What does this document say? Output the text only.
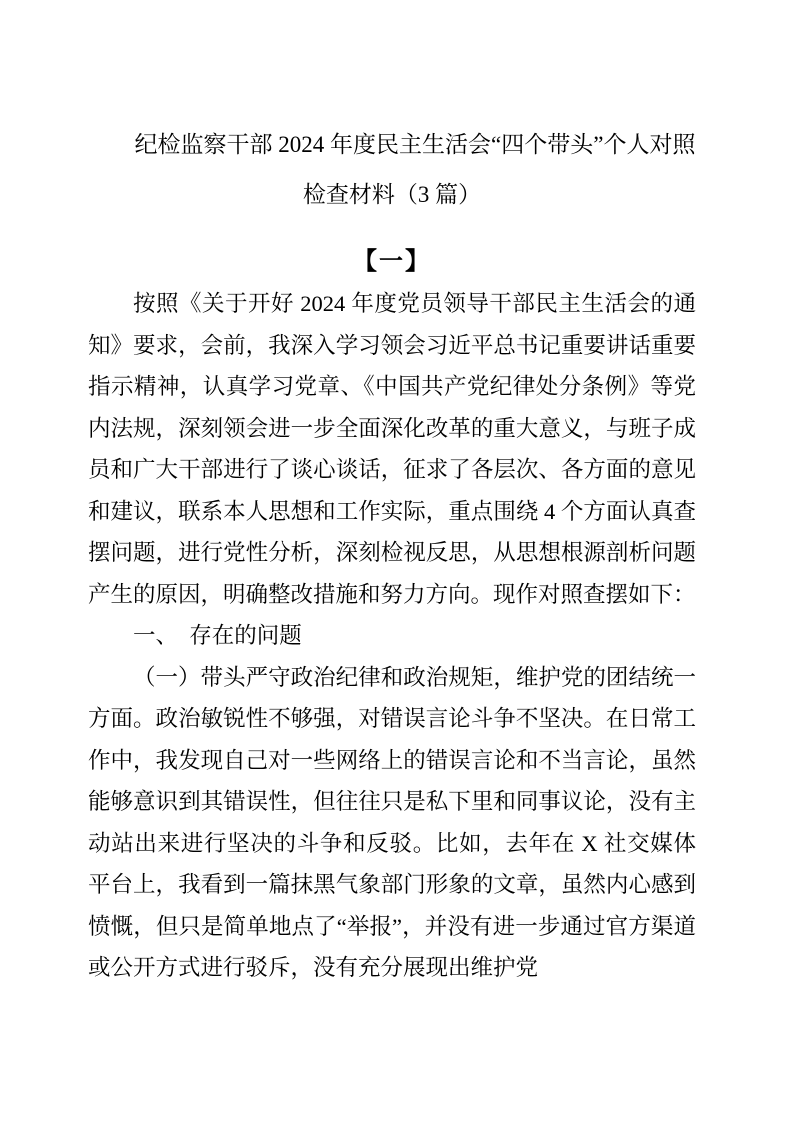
纪检监察干部 2024 年度民主生活会“四个带头”个人对照
检查材料（3 篇）
【一】

按照《关于开好 2024 年度党员领导干部民主生活会的通知》要求，会前，我深入学习领会习近平总书记重要讲话重要指示精神，认真学习党章、《中国共产党纪律处分条例》等党内法规，深刻领会进一步全面深化改革的重大意义，与班子成员和广大干部进行了谈心谈话，征求了各层次、各方面的意见和建议，联系本人思想和工作实际，重点围绕 4 个方面认真查摆问题，进行党性分析，深刻检视反思，从思想根源剖析问题产生的原因，明确整改措施和努力方向。现作对照查摆如下：

一、　存在的问题

（一）带头严守政治纪律和政治规矩，维护党的团结统一方面。政治敏锐性不够强，对错误言论斗争不坚决。在日常工作中，我发现自己对一些网络上的错误言论和不当言论，虽然能够意识到其错误性，但往往只是私下里和同事议论，没有主动站出来进行坚决的斗争和反驳。比如，去年在 X 社交媒体平台上，我看到一篇抹黑气象部门形象的文章，虽然内心感到愤慨，但只是简单地点了“举报”，并没有进一步通过官方渠道或公开方式进行驳斥，没有充分展现出维护党
